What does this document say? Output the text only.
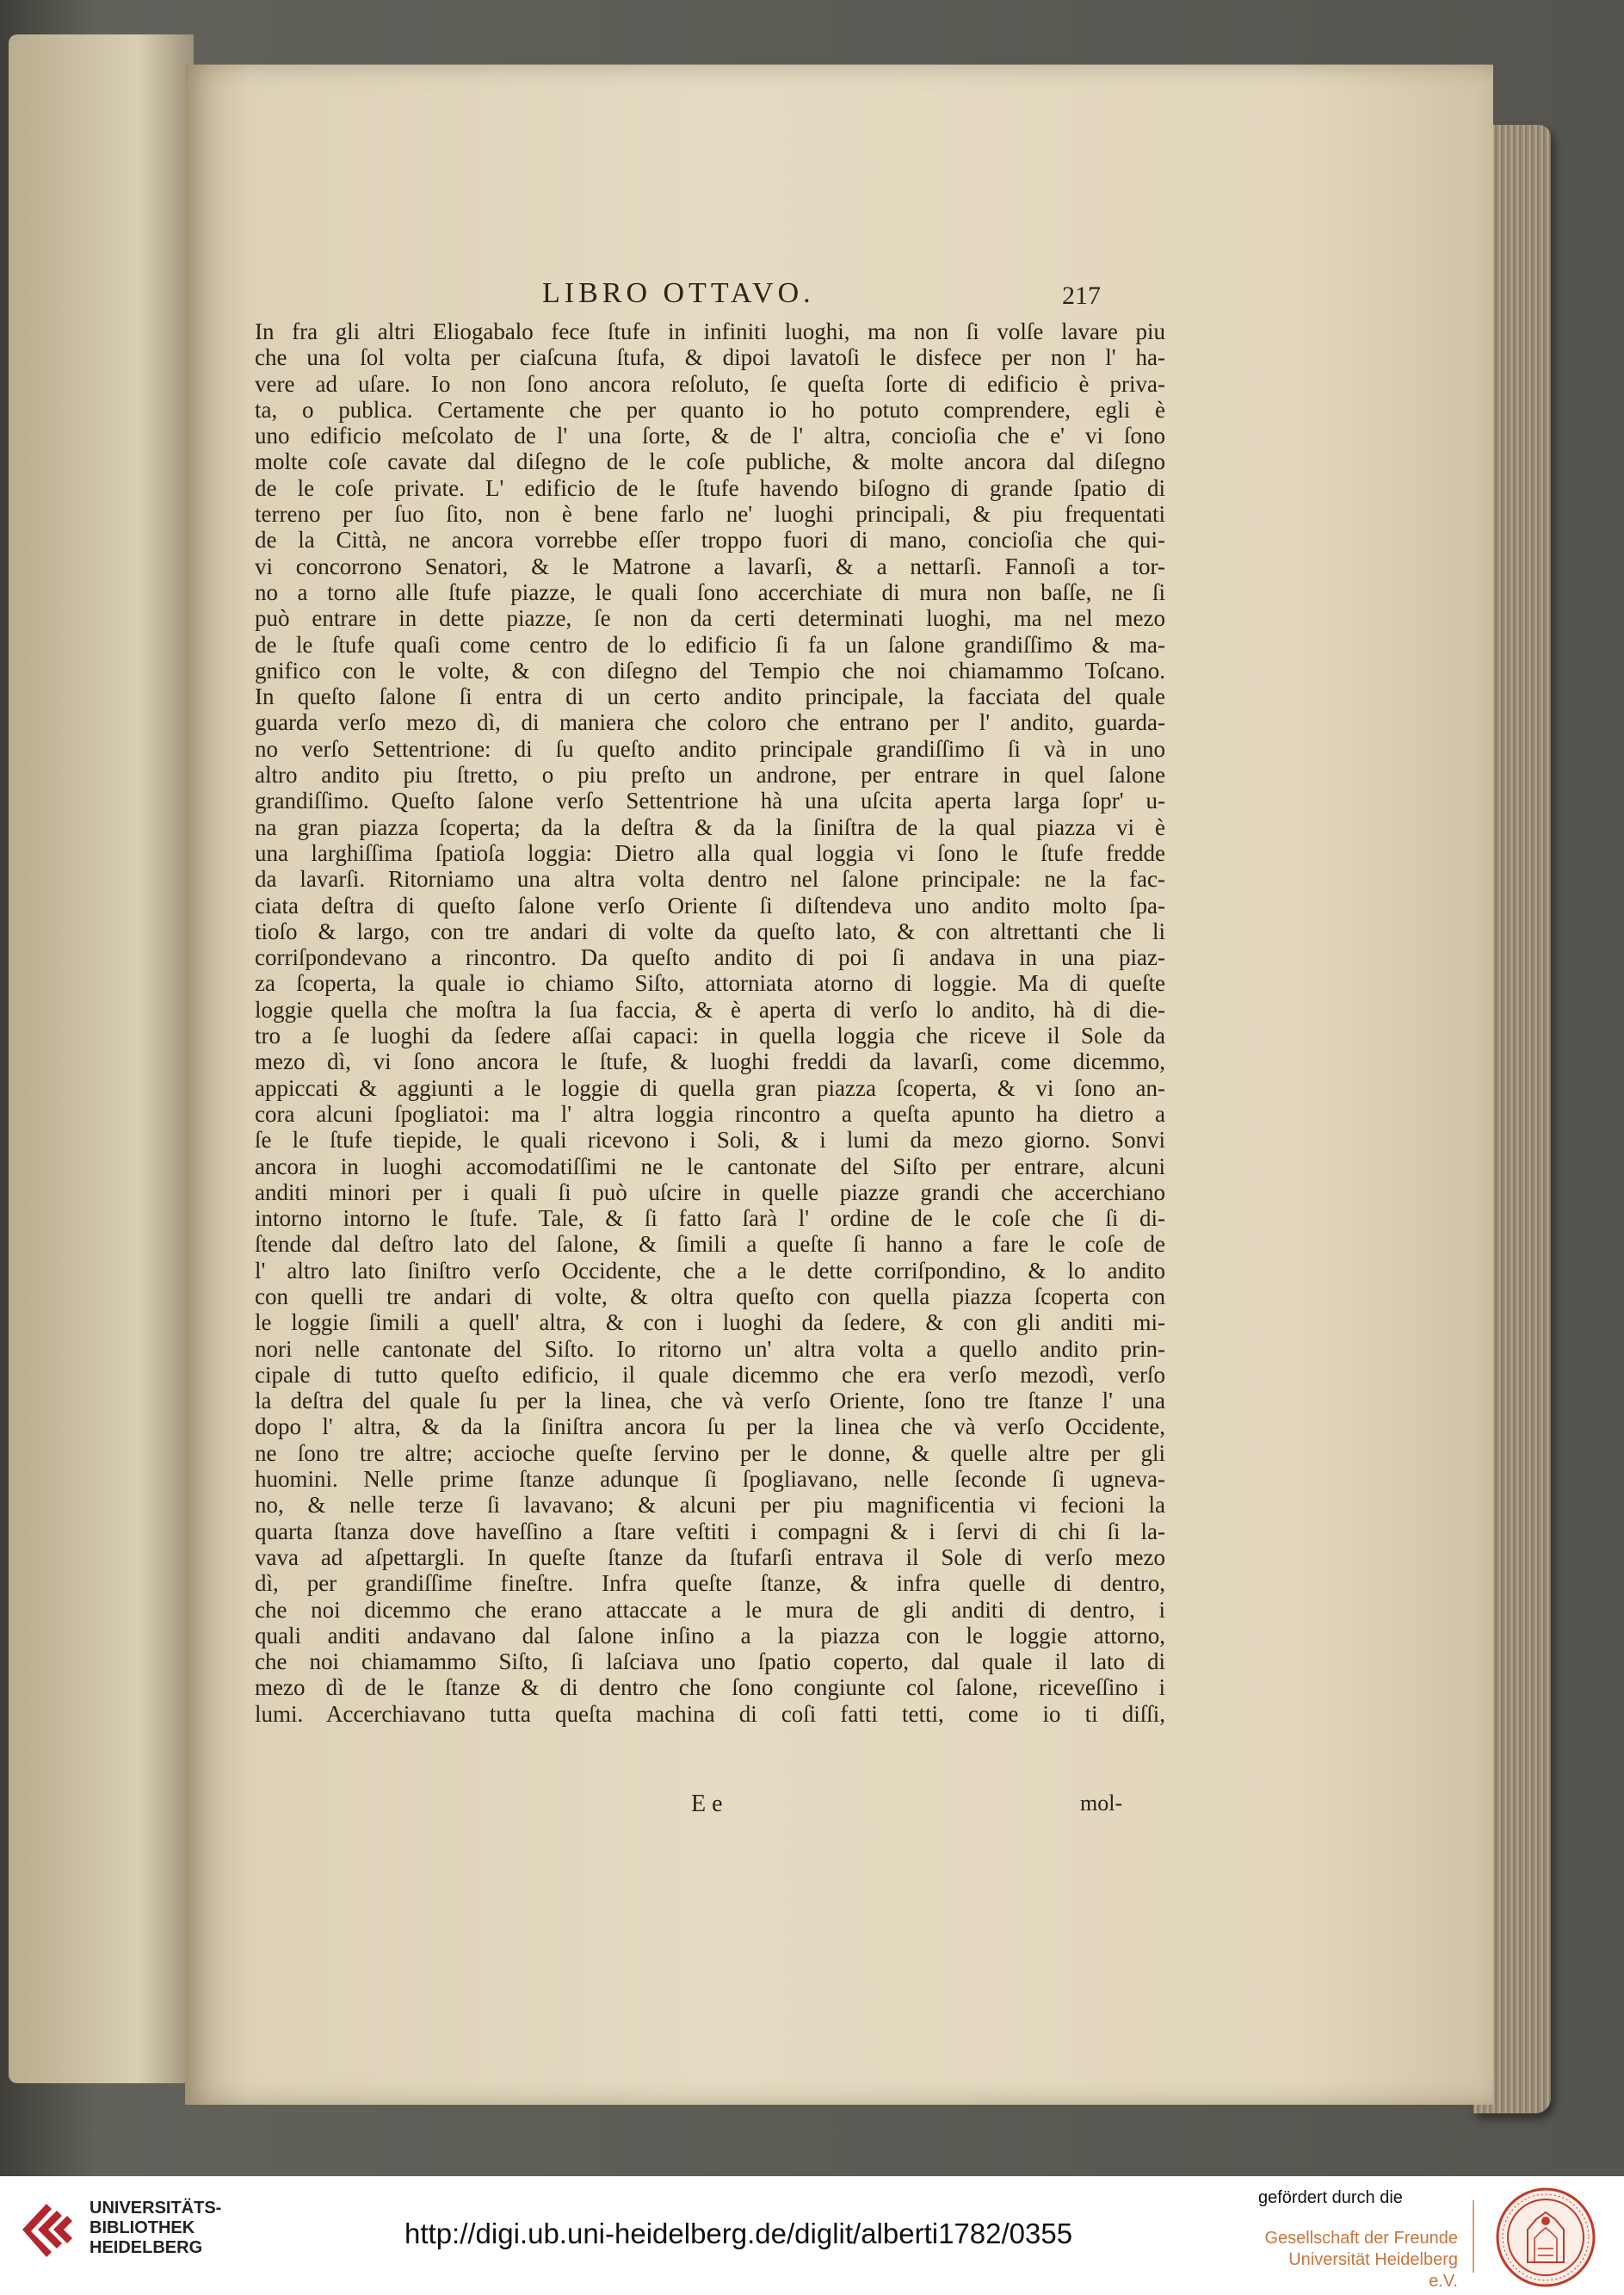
LIBRO OTTAVO.	217
In fra gli altri Eliogabalo fece ſtufe in infiniti luoghi, ma non ſi volſe lavare piu
che una ſol volta per ciaſcuna ſtufa, & dipoi lavatoſi le disfece per non l' ha-
vere ad uſare. Io non ſono ancora reſoluto, ſe queſta ſorte di edificio è priva-
ta, o publica. Certamente che per quanto io ho potuto comprendere, egli è
uno edificio meſcolato de l' una ſorte, & de l' altra, concioſia che e' vi ſono
molte coſe cavate dal diſegno de le coſe publiche, & molte ancora dal diſegno
de le coſe private. L' edificio de le ſtufe havendo biſogno di grande ſpatio di
terreno per ſuo ſito, non è bene farlo ne' luoghi principali, & piu frequentati
de la Città, ne ancora vorrebbe eſſer troppo fuori di mano, concioſia che qui-
vi concorrono Senatori, & le Matrone a lavarſi, & a nettarſi. Fannoſi a tor-
no a torno alle ſtufe piazze, le quali ſono accerchiate di mura non baſſe, ne ſi
può entrare in dette piazze, ſe non da certi determinati luoghi, ma nel mezo
de le ſtufe quaſi come centro de lo edificio ſi fa un ſalone grandiſſimo & ma-
gnifico con le volte, & con diſegno del Tempio che noi chiamammo Toſcano.
In queſto ſalone ſi entra di un certo andito principale, la facciata del quale
guarda verſo mezo dì, di maniera che coloro che entrano per l' andito, guarda-
no verſo Settentrione: di ſu queſto andito principale grandiſſimo ſi và in uno
altro andito piu ſtretto, o piu preſto un androne, per entrare in quel ſalone
grandiſſimo. Queſto ſalone verſo Settentrione hà una uſcita aperta larga ſopr' u-
na gran piazza ſcoperta; da la deſtra & da la ſiniſtra de la qual piazza vi è
una larghiſſima ſpatioſa loggia: Dietro alla qual loggia vi ſono le ſtufe fredde
da lavarſi. Ritorniamo una altra volta dentro nel ſalone principale: ne la fac-
ciata deſtra di queſto ſalone verſo Oriente ſi diſtendeva uno andito molto ſpa-
tioſo & largo, con tre andari di volte da queſto lato, & con altrettanti che li
corriſpondevano a rincontro. Da queſto andito di poi ſi andava in una piaz-
za ſcoperta, la quale io chiamo Siſto, attorniata atorno di loggie. Ma di queſte
loggie quella che moſtra la ſua faccia, & è aperta di verſo lo andito, hà di die-
tro a ſe luoghi da ſedere aſſai capaci: in quella loggia che riceve il Sole da
mezo dì, vi ſono ancora le ſtufe, & luoghi freddi da lavarſi, come dicemmo,
appiccati & aggiunti a le loggie di quella gran piazza ſcoperta, & vi ſono an-
cora alcuni ſpogliatoi: ma l' altra loggia rincontro a queſta apunto ha dietro a
ſe le ſtufe tiepide, le quali ricevono i Soli, & i lumi da mezo giorno. Sonvi
ancora in luoghi accomodatiſſimi ne le cantonate del Siſto per entrare, alcuni
anditi minori per i quali ſi può uſcire in quelle piazze grandi che accerchiano
intorno intorno le ſtufe. Tale, & ſi fatto ſarà l' ordine de le coſe che ſi di-
ſtende dal deſtro lato del ſalone, & ſimili a queſte ſi hanno a fare le coſe de
l' altro lato ſiniſtro verſo Occidente, che a le dette corriſpondino, & lo andito
con quelli tre andari di volte, & oltra queſto con quella piazza ſcoperta con
le loggie ſimili a quell' altra, & con i luoghi da ſedere, & con gli anditi mi-
nori nelle cantonate del Siſto. Io ritorno un' altra volta a quello andito prin-
cipale di tutto queſto edificio, il quale dicemmo che era verſo mezodì, verſo
la deſtra del quale ſu per la linea, che và verſo Oriente, ſono tre ſtanze l' una
dopo l' altra, & da la ſiniſtra ancora ſu per la linea che và verſo Occidente,
ne ſono tre altre; accioche queſte ſervino per le donne, & quelle altre per gli
huomini. Nelle prime ſtanze adunque ſi ſpogliavano, nelle ſeconde ſi ugneva-
no, & nelle terze ſi lavavano; & alcuni per piu magnificentia vi fecioni la
quarta ſtanza dove haveſſino a ſtare veſtiti i compagni & i ſervi di chi ſi la-
vava ad aſpettargli. In queſte ſtanze da ſtufarſi entrava il Sole di verſo mezo
dì, per grandiſſime fineſtre. Infra queſte ſtanze, & infra quelle di dentro,
che noi dicemmo che erano attaccate a le mura de gli anditi di dentro, i
quali anditi andavano dal ſalone inſino a la piazza con le loggie attorno,
che noi chiamammo Siſto, ſi laſciava uno ſpatio coperto, dal quale il lato di
mezo dì de le ſtanze & di dentro che ſono congiunte col ſalone, riceveſſino i
lumi. Accerchiavano tutta queſta machina di coſi fatti tetti, come io ti diſſi,
E e	mol-
UNIVERSITÄTS-
BIBLIOTHEK
HEIDELBERG	http://digi.ub.uni-heidelberg.de/diglit/alberti1782/0355
gefördert durch die
Gesellschaft der Freunde
Universität Heidelberg e.V.
